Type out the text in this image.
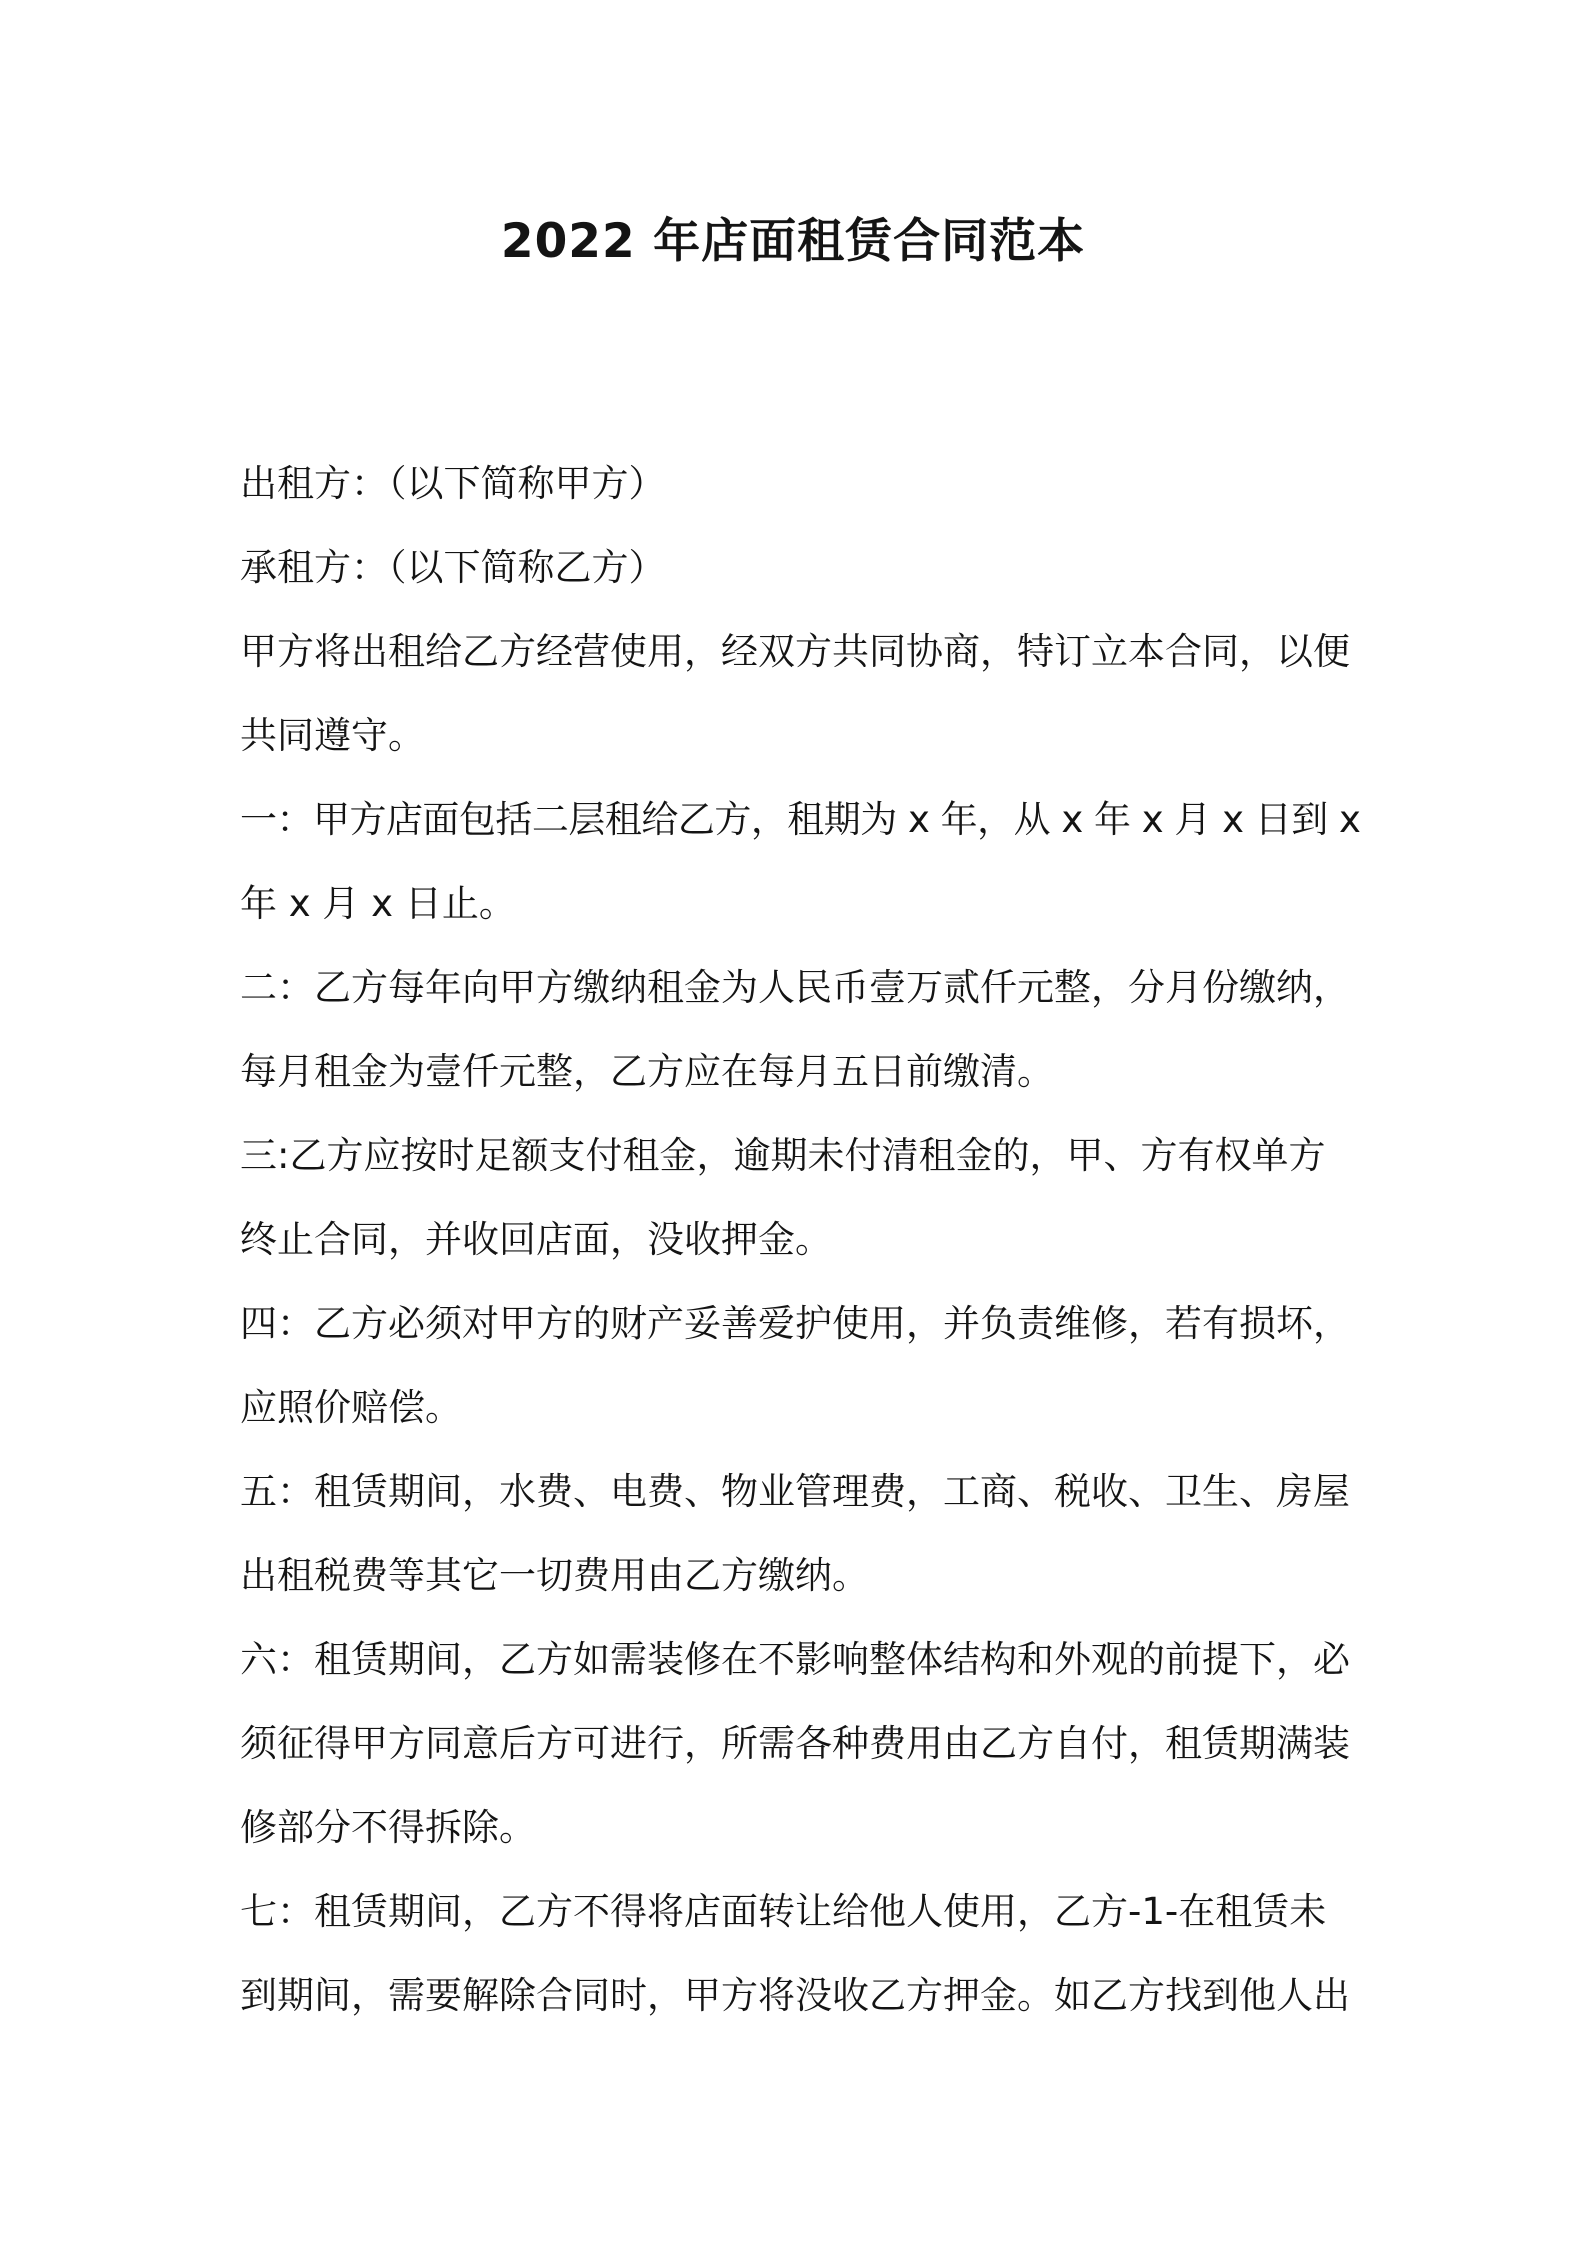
2022 年店面租赁合同范本

出租方：（以下简称甲方）

承租方：（以下简称乙方）

甲方将出租给乙方经营使用，经双方共同协商，特订立本合同，以便

共同遵守。

一：甲方店面包括二层租给乙方，租期为 x 年，从 x 年 x 月 x 日到 x

年 x 月 x 日止。

二：乙方每年向甲方缴纳租金为人民币壹万贰仟元整，分月份缴纳，

每月租金为壹仟元整，乙方应在每月五日前缴清。

三:乙方应按时足额支付租金，逾期未付清租金的，甲、方有权单方

终止合同，并收回店面，没收押金。

四：乙方必须对甲方的财产妥善爱护使用，并负责维修，若有损坏，

应照价赔偿。

五：租赁期间，水费、电费、物业管理费，工商、税收、卫生、房屋

出租税费等其它一切费用由乙方缴纳。

六：租赁期间，乙方如需装修在不影响整体结构和外观的前提下，必

须征得甲方同意后方可进行，所需各种费用由乙方自付，租赁期满装

修部分不得拆除。

七：租赁期间，乙方不得将店面转让给他人使用，乙方-1-在租赁未

到期间，需要解除合同时，甲方将没收乙方押金。如乙方找到他人出
